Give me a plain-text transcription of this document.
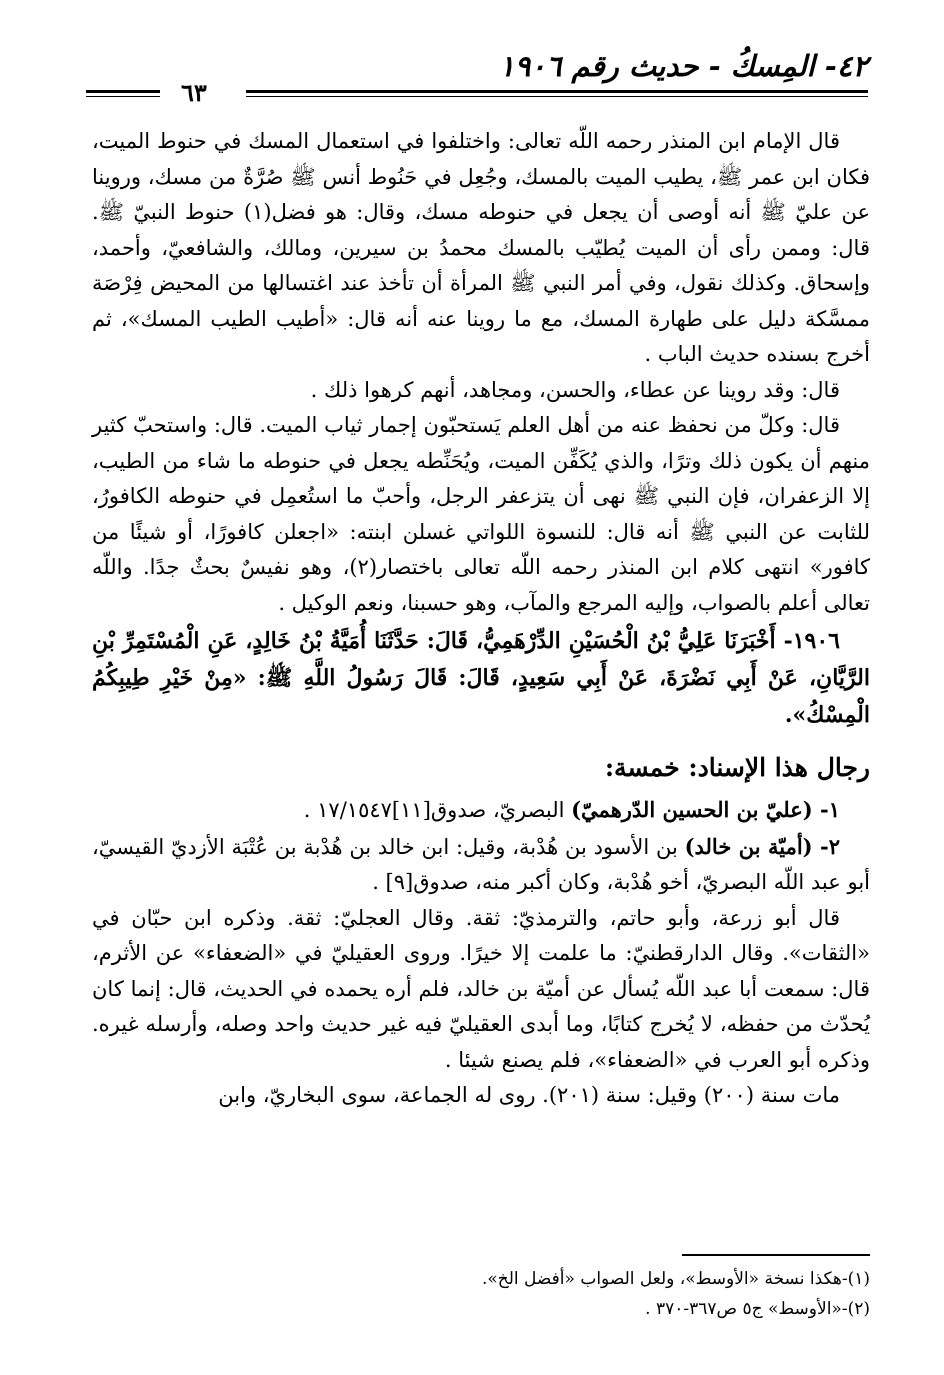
٤٢- المِسكُ - حديث رقم ١٩٠٦
٦٣

قال الإمام ابن المنذر رحمه اللّه تعالى: واختلفوا في استعمال المسك في حنوط الميت، فكان ابن عمر ﷺ، يطيب الميت بالمسك، وجُعِل في حَنُوط أنس ﷺ صُرَّةٌ من مسك، وروينا عن عليّ ﷺ أنه أوصى أن يجعل في حنوطه مسك، وقال: هو فضل(١) حنوط النبيّ ﷺ. قال: وممن رأى أن الميت يُطيّب بالمسك محمدُ بن سيرين، ومالك، والشافعيّ، وأحمد، وإسحاق. وكذلك نقول، وفي أمر النبي ﷺ المرأة أن تأخذ عند اغتسالها من المحيض فِرْصَة ممسَّكة دليل على طهارة المسك، مع ما روينا عنه أنه قال: «أطيب الطيب المسك»، ثم أخرج بسنده حديث الباب .

قال: وقد روينا عن عطاء، والحسن، ومجاهد، أنهم كرهوا ذلك .

قال: وكلّ من نحفظ عنه من أهل العلم يَستحبّون إجمار ثياب الميت. قال: واستحبّ كثير منهم أن يكون ذلك وترًا، والذي يُكَفِّن الميت، ويُحَنِّطه يجعل في حنوطه ما شاء من الطيب، إلا الزعفران، فإن النبي ﷺ نهى أن يتزعفر الرجل، وأحبّ ما استُعمِل في حنوطه الكافورُ، للثابت عن النبي ﷺ أنه قال: للنسوة اللواتي غسلن ابنته: «اجعلن كافورًا، أو شيئًا من كافور» انتهى كلام ابن المنذر رحمه اللّه تعالى باختصار(٢)، وهو نفيسٌ بحثٌ جدًا. واللّه تعالى أعلم بالصواب، وإليه المرجع والمآب، وهو حسبنا، ونعم الوكيل .

١٩٠٦- أَخْبَرَنَا عَلِيُّ بْنُ الْحُسَيْنِ الدِّرْهَمِيُّ، قَالَ: حَدَّثَنَا أُمَيَّةُ بْنُ خَالِدٍ، عَنِ الْمُسْتَمِرِّ بْنِ الرَّيَّانِ، عَنْ أَبِي نَضْرَةَ، عَنْ أَبِي سَعِيدٍ، قَالَ: قَالَ رَسُولُ اللَّهِ ﷺ: «مِنْ خَيْرِ طِيبِكُمُ الْمِسْكُ».

رجال هذا الإسناد: خمسة:

١- (عليّ بن الحسين الدّرهميّ) البصريّ، صدوق[١١]١٧/١٥٤٧ .

٢- (أميّة بن خالد) بن الأسود بن هُدْبة، وقيل: ابن خالد بن هُدْبة بن عُتْبَة الأزديّ القيسيّ، أبو عبد اللّه البصريّ، أخو هُدْبة، وكان أكبر منه، صدوق[٩] .

قال أبو زرعة، وأبو حاتم، والترمذيّ: ثقة. وقال العجليّ: ثقة. وذكره ابن حبّان في «الثقات». وقال الدارقطنيّ: ما علمت إلا خيرًا. وروى العقيليّ في «الضعفاء» عن الأثرم، قال: سمعت أبا عبد اللّه يُسأل عن أميّة بن خالد، فلم أره يحمده في الحديث، قال: إنما كان يُحدّث من حفظه، لا يُخرج كتابًا، وما أبدى العقيليّ فيه غير حديث واحد وصله، وأرسله غيره. وذكره أبو العرب في «الضعفاء»، فلم يصنع شيئا .

مات سنة (٢٠٠) وقيل: سنة (٢٠١). روى له الجماعة، سوى البخاريّ، وابن

(١)-هكذا نسخة «الأوسط»، ولعل الصواب «أفضل الخ».

(٢)-«الأوسط» ج٥ ص٣٦٧-٣٧٠ .
